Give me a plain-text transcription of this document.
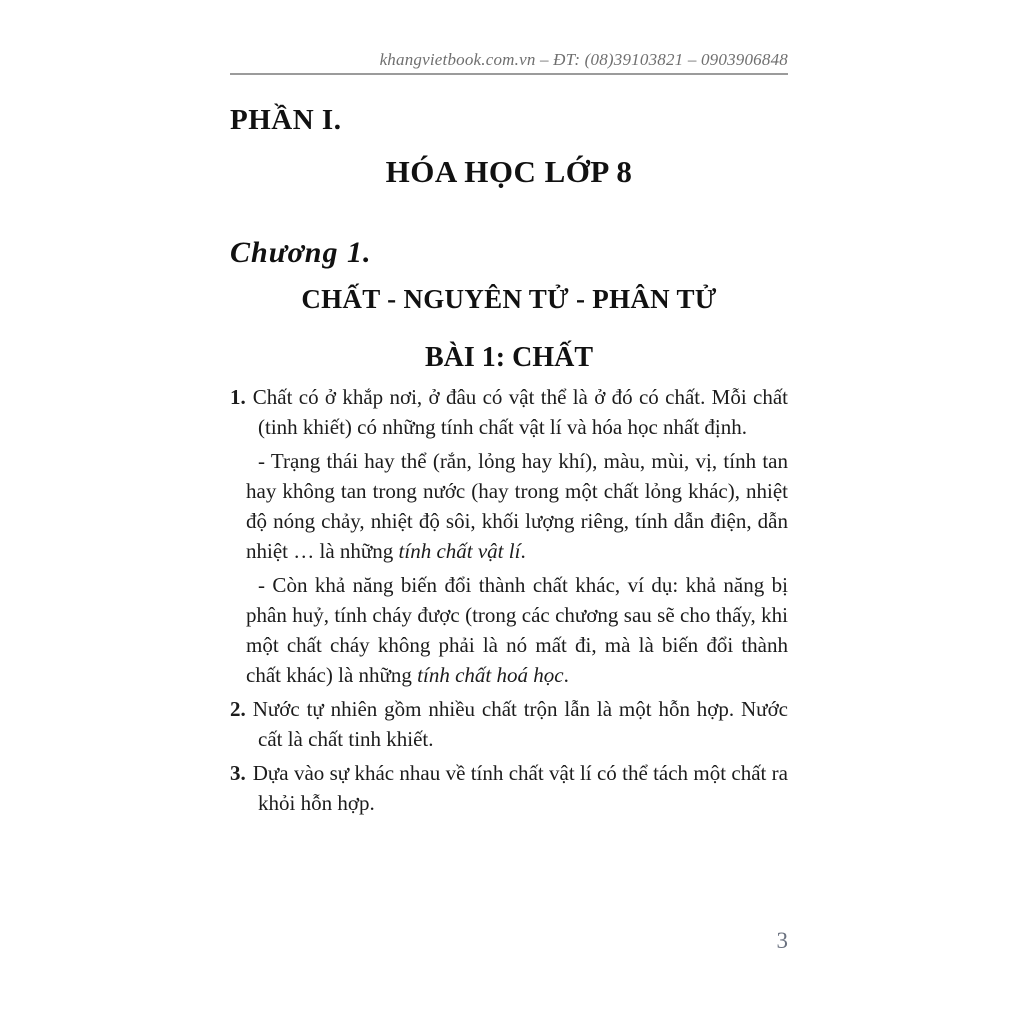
khangvietbook.com.vn – ĐT: (08)39103821 – 0903906848
PHẦN I.
HÓA HỌC LỚP 8
Chương 1.
CHẤT - NGUYÊN TỬ - PHÂN TỬ
BÀI 1: CHẤT

1. Chất có ở khắp nơi, ở đâu có vật thể là ở đó có chất. Mỗi chất (tinh khiết) có những tính chất vật lí và hóa học nhất định.

- Trạng thái hay thể (rắn, lỏng hay khí), màu, mùi, vị, tính tan hay không tan trong nước (hay trong một chất lỏng khác), nhiệt độ nóng chảy, nhiệt độ sôi, khối lượng riêng, tính dẫn điện, dẫn nhiệt … là những tính chất vật lí.

- Còn khả năng biến đổi thành chất khác, ví dụ: khả năng bị phân huỷ, tính cháy được (trong các chương sau sẽ cho thấy, khi một chất cháy không phải là nó mất đi, mà là biến đổi thành chất khác) là những tính chất hoá học.

2. Nước tự nhiên gồm nhiều chất trộn lẫn là một hỗn hợp. Nước cất là chất tinh khiết.

3. Dựa vào sự khác nhau về tính chất vật lí có thể tách một chất ra khỏi hỗn hợp.

3
